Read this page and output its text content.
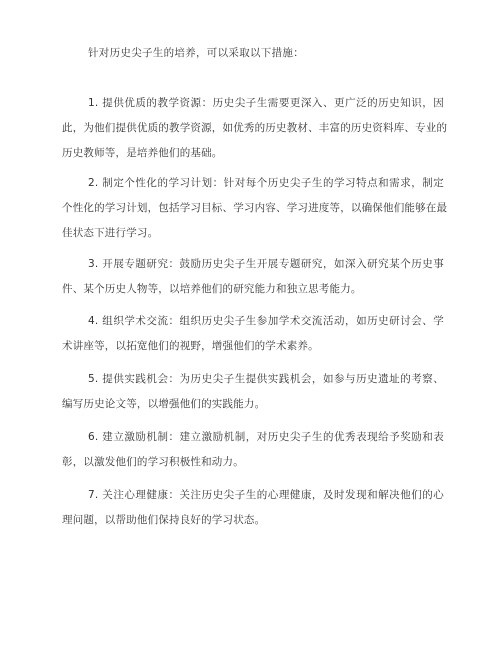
针对历史尖子生的培养，可以采取以下措施：
1. 提供优质的教学资源：历史尖子生需要更深入、更广泛的历史知识，因
此，为他们提供优质的教学资源，如优秀的历史教材、丰富的历史资料库、专业的
历史教师等，是培养他们的基础。
2. 制定个性化的学习计划：针对每个历史尖子生的学习特点和需求，制定
个性化的学习计划，包括学习目标、学习内容、学习进度等，以确保他们能够在最
佳状态下进行学习。
3. 开展专题研究：鼓励历史尖子生开展专题研究，如深入研究某个历史事
件、某个历史人物等，以培养他们的研究能力和独立思考能力。
4. 组织学术交流：组织历史尖子生参加学术交流活动，如历史研讨会、学
术讲座等，以拓宽他们的视野，增强他们的学术素养。
5. 提供实践机会：为历史尖子生提供实践机会，如参与历史遗址的考察、
编写历史论文等，以增强他们的实践能力。
6. 建立激励机制：建立激励机制，对历史尖子生的优秀表现给予奖励和表
彰，以激发他们的学习积极性和动力。
7. 关注心理健康：关注历史尖子生的心理健康，及时发现和解决他们的心
理问题，以帮助他们保持良好的学习状态。
